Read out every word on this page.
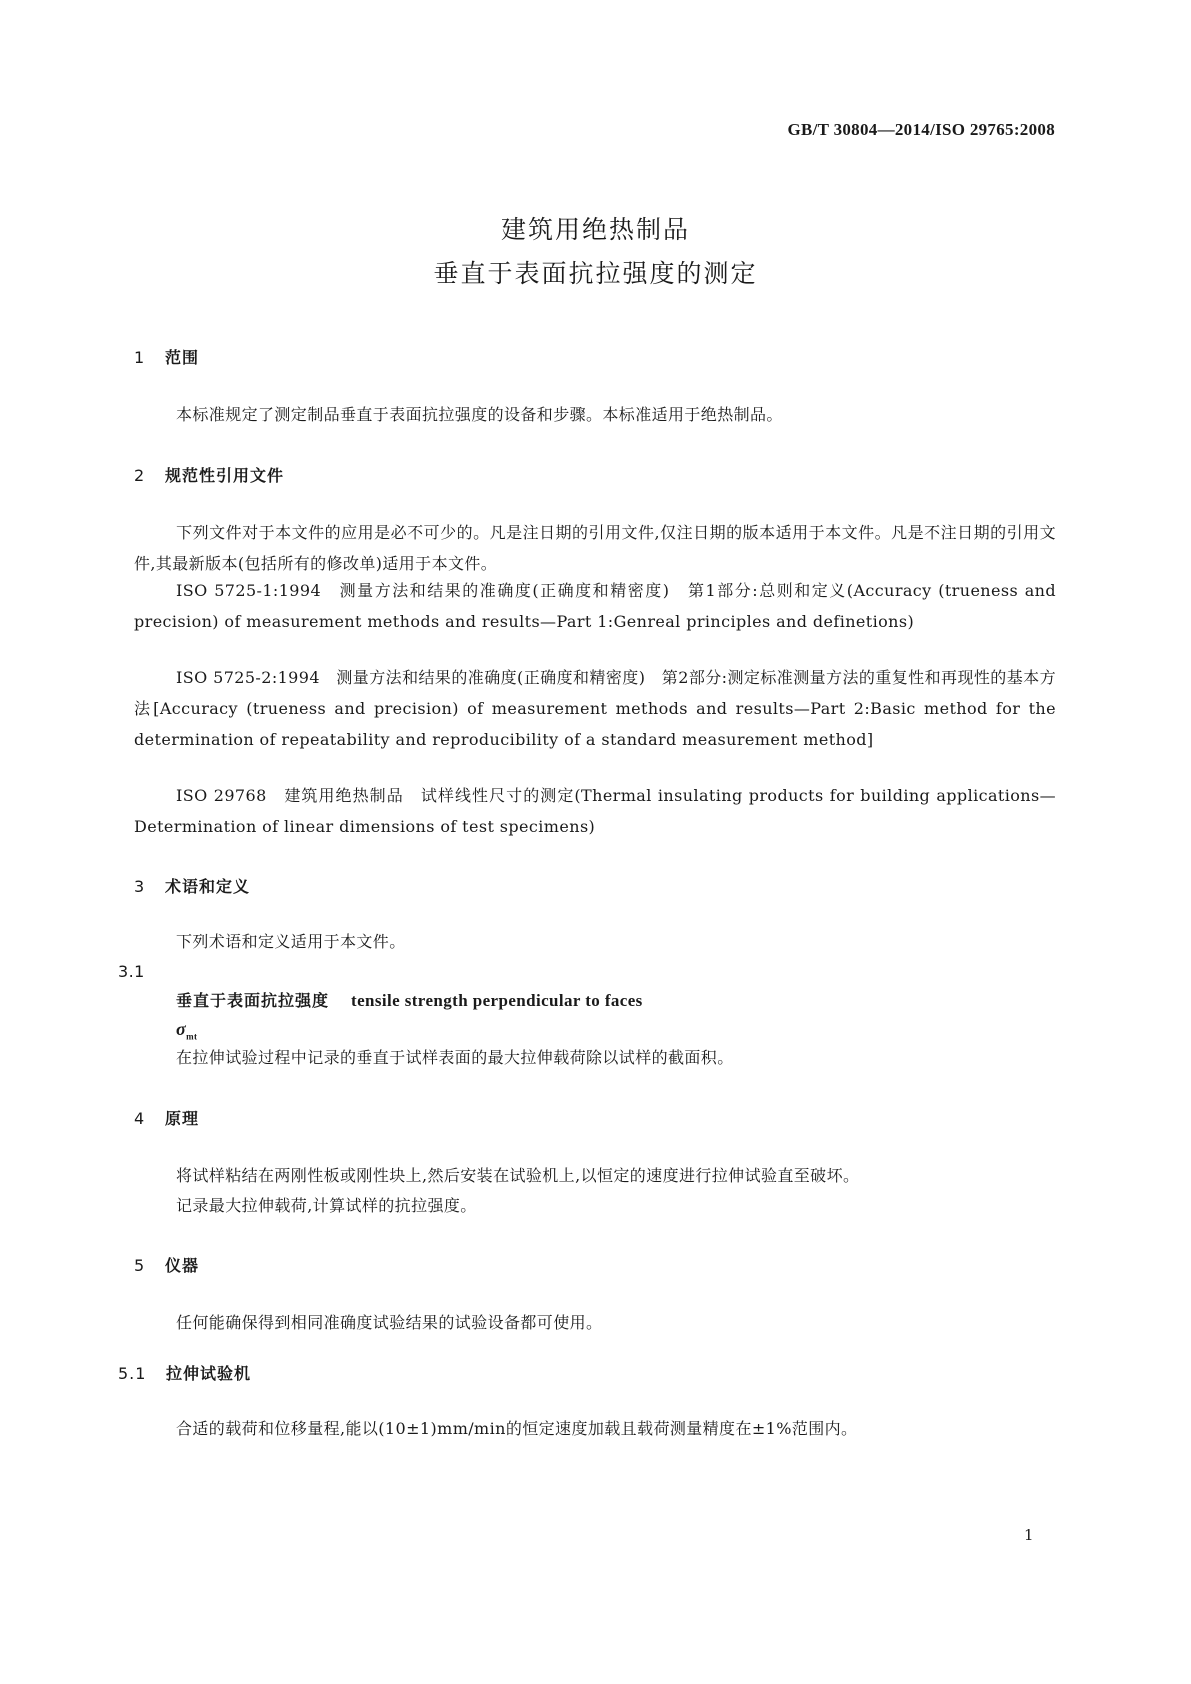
GB/T 30804—2014/ISO 29765:2008
建筑用绝热制品
垂直于表面抗拉强度的测定
1 范围
本标准规定了测定制品垂直于表面抗拉强度的设备和步骤。本标准适用于绝热制品。
2 规范性引用文件
下列文件对于本文件的应用是必不可少的。凡是注日期的引用文件,仅注日期的版本适用于本文件。凡是不注日期的引用文件,其最新版本(包括所有的修改单)适用于本文件。
ISO 5725-1:1994　测量方法和结果的准确度(正确度和精密度)　第1部分:总则和定义(Accuracy (trueness and precision) of measurement methods and results—Part 1:Genreal principles and definetions)
ISO 5725-2:1994　测量方法和结果的准确度(正确度和精密度)　第2部分:测定标准测量方法的重复性和再现性的基本方法[Accuracy (trueness and precision) of measurement methods and results—Part 2:Basic method for the determination of repeatability and reproducibility of a standard measurement method]
ISO 29768　建筑用绝热制品　试样线性尺寸的测定(Thermal insulating products for building applications—Determination of linear dimensions of test specimens)
3 术语和定义
下列术语和定义适用于本文件。
3.1
垂直于表面抗拉强度 tensile strength perpendicular to faces
$\sigma_{mt}$
在拉伸试验过程中记录的垂直于试样表面的最大拉伸载荷除以试样的截面积。
4 原理
将试样粘结在两刚性板或刚性块上,然后安装在试验机上,以恒定的速度进行拉伸试验直至破坏。
记录最大拉伸载荷,计算试样的抗拉强度。
5 仪器
任何能确保得到相同准确度试验结果的试验设备都可使用。
5.1 拉伸试验机
合适的载荷和位移量程,能以(10±1)mm/min的恒定速度加载且载荷测量精度在±1%范围内。
1
